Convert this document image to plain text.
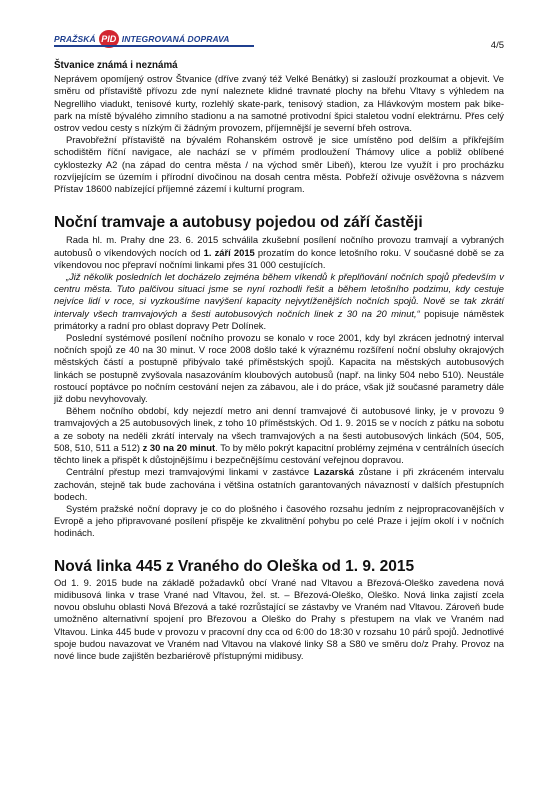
PRAŽSKÁ PID INTEGROVANÁ DOPRAVA
4/5
Štvanice známá i neznámá

Neprávem opomíjený ostrov Štvanice (dříve zvaný též Velké Benátky) si zaslouží prozkoumat a objevit. Ve směru od přístaviště přívozu zde nyní naleznete klidné travnaté plochy na břehu Vltavy s výhledem na Negrelliho viadukt, tenisové kurty, rozlehlý skate-park, tenisový stadion, za Hlávkovým mostem pak bike-park na místě bývalého zimního stadionu a na samotné protivodní špici staletou vodní elektrárnu. Přes celý ostrov vedou cesty s nízkým či žádným provozem, příjemnější je severní břeh ostrova.

Pravobřežní přístaviště na bývalém Rohanském ostrově je sice umístěno pod delším a příkřejším schodištěm říční navigace, ale nachází se v přímém prodloužení Thámovy ulice a pobliž oblíbené cyklostezky A2 (na západ do centra města / na východ směr Libeň), kterou lze využít i pro procházku rozvíjejícím se územím i přírodní divočinou na dosah centra města. Pobřeží oživuje osvěžovna s názvem Přístav 18600 nabízející příjemné zázemí i kulturní program.

Noční tramvaje a autobusy pojedou od září častěji

Rada hl. m. Prahy dne 23. 6. 2015 schválila zkušební posílení nočního provozu tramvají a vybraných autobusů o víkendových nocích od 1. září 2015 prozatím do konce letošního roku. V současné době se za víkendovou noc přepraví nočními linkami přes 31 000 cestujících.

„Již několik posledních let docházelo zejména během víkendů k přeplňování nočních spojů především v centru města. Tuto palčivou situaci jsme se nyní rozhodli řešit a během letošního podzimu, kdy cestuje nejvíce lidí v roce, si vyzkoušíme navýšení kapacity nejvytíženějších nočních spojů. Nově se tak zkrátí intervaly všech tramvajových a šesti autobusových nočních linek z 30 na 20 minut,“ popisuje náměstek primátorky a radní pro oblast dopravy Petr Dolínek.

Poslední systémové posílení nočního provozu se konalo v roce 2001, kdy byl zkrácen jednotný interval nočních spojů ze 40 na 30 minut. V roce 2008 došlo také k výraznému rozšíření noční obsluhy okrajových městských částí a postupně přibývalo také příměstských spojů. Kapacita na městských autobusových linkách se postupně zvyšovala nasazováním kloubových autobusů (např. na linky 504 nebo 510). Neustále rostoucí poptávce po nočním cestování nejen za zábavou, ale i do práce, však již současné parametry dále již dobu nevyhovovaly.

Během nočního období, kdy nejezdí metro ani denní tramvajové či autobusové linky, je v provozu 9 tramvajových a 25 autobusových linek, z toho 10 příměstských. Od 1. 9. 2015 se v nocích z pátku na sobotu a ze soboty na neděli zkrátí intervaly na všech tramvajových a na šesti autobusových linkách (504, 505, 508, 510, 511 a 512) z 30 na 20 minut. To by mělo pokrýt kapacitní problémy zejména v centrálních úsecích těchto linek a přispět k důstojnějšímu i bezpečnějšímu cestování veřejnou dopravou.

Centrální přestup mezi tramvajovými linkami v zastávce Lazarská zůstane i při zkráceném intervalu zachován, stejně tak bude zachována i většina ostatních garantovaných návazností v dalších přestupních bodech.

Systém pražské noční dopravy je co do plošného i časového rozsahu jedním z nejpropracovanějších v Evropě a jeho připravované posílení přispěje ke zkvalitnění pohybu po celé Praze i jejím okolí i v nočních hodinách.

Nová linka 445 z Vraného do Oleška od 1. 9. 2015

Od 1. 9. 2015 bude na základě požadavků obcí Vrané nad Vltavou a Březová-Oleško zavedena nová midibusová linka v trase Vrané nad Vltavou, žel. st. – Březová-Oleško, Oleško. Nová linka zajistí zcela novou obsluhu oblasti Nová Březová a také rozrůstající se zástavby ve Vraném nad Vltavou. Zároveň bude umožněno alternativní spojení pro Březovou a Oleško do Prahy s přestupem na vlak ve Vraném nad Vltavou. Linka 445 bude v provozu v pracovní dny cca od 6:00 do 18:30 v rozsahu 10 párů spojů. Jednotlivé spoje budou navazovat ve Vraném nad Vltavou na vlakové linky S8 a S80 ve směru do/z Prahy. Provoz na nové lince bude zajištěn bezbariérově přístupnými midibusy.
